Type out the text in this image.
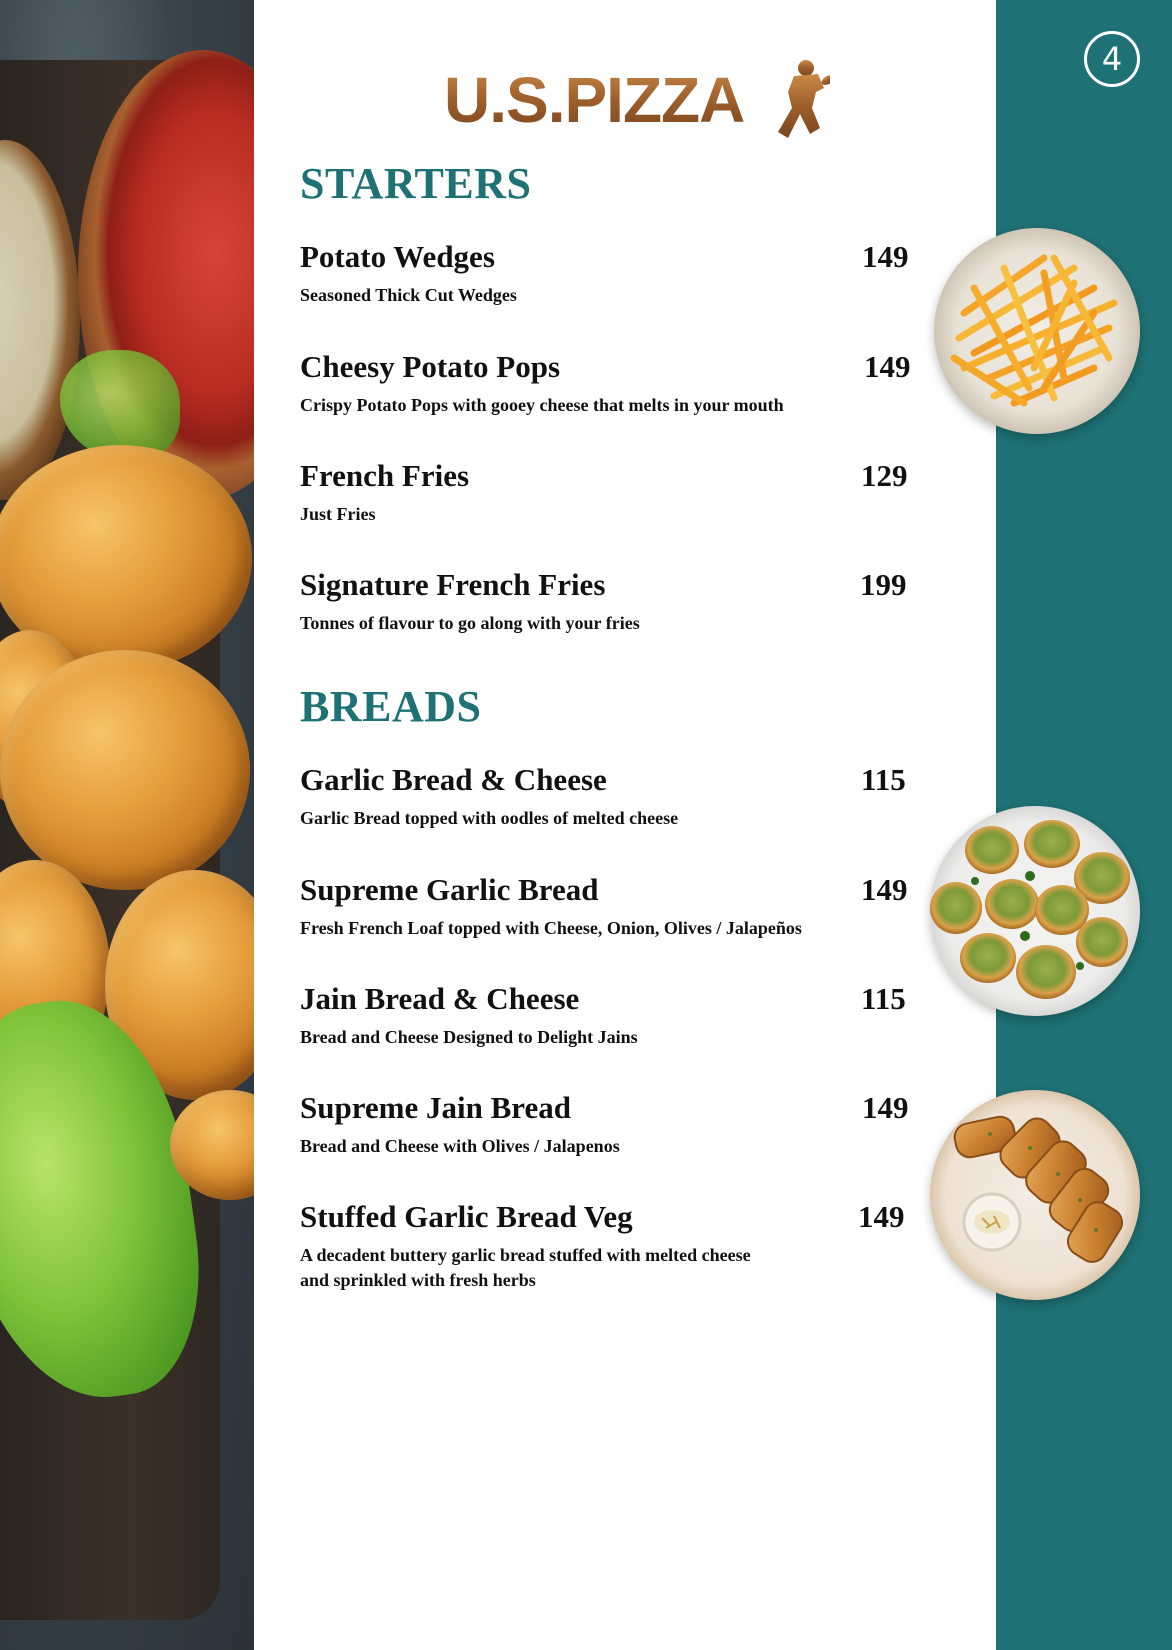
4
U.S.PIZZA
STARTERS
Potato Wedges	149
Seasoned Thick Cut Wedges
Cheesy Potato Pops	149
Crispy Potato Pops with gooey cheese that melts in your mouth
French Fries	129
Just Fries
Signature French Fries	199
Tonnes of flavour to go along with your fries
BREADS
Garlic Bread & Cheese	115
Garlic Bread topped with oodles of melted cheese
Supreme Garlic Bread	149
Fresh French Loaf topped with Cheese, Onion, Olives / Jalapeños
Jain Bread & Cheese	115
Bread and Cheese Designed to Delight Jains
Supreme Jain Bread	149
Bread and Cheese with Olives / Jalapenos
Stuffed Garlic Bread Veg	149
A decadent buttery garlic bread stuffed with melted cheese
and sprinkled with fresh herbs
